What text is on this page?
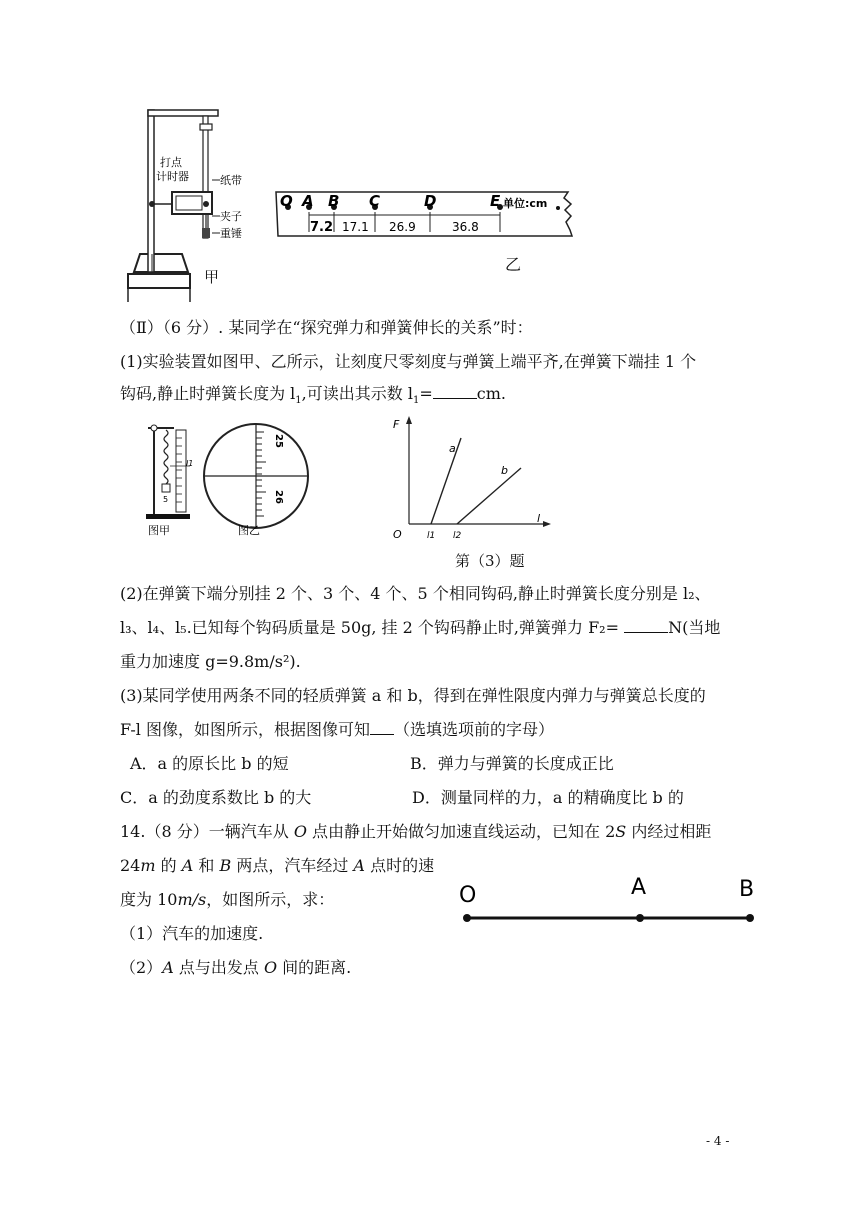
打点
计时器	纸带
夹子
重锤
甲
O A B C	D	E 单位:cm
7.2 17.1 26.9	36.8
乙
（Ⅱ）（6 分）. 某同学在“探究弹力和弹簧伸长的关系”时：
(1)实验装置如图甲、乙所示，让刻度尺零刻度与弹簧上端平齐,在弹簧下端挂 1 个
钩码,静止时弹簧长度为 $l_1$,可读出其示数 $l_1=$	cm.
5
l1
25
26
图甲	图乙
F
l
O
a
b
l1 l2
第（3）题
(2)在弹簧下端分别挂 2 个、3 个、4 个、5 个相同钩码,静止时弹簧长度分别是 l₂、
l₃、l₄、l₅.已知每个钩码质量是 50g, 挂 2 个钩码静止时,弹簧弹力 F₂=	N(当地
重力加速度 g=9.8m/s²).
(3)某同学使用两条不同的轻质弹簧 a 和 b，得到在弹性限度内弹力与弹簧总长度的
F-l 图像，如图所示，根据图像可知 （选填选项前的字母）
A．a 的原长比 b 的短	B．弹力与弹簧的长度成正比
C．a 的劲度系数比 b 的大	D．测量同样的力，a 的精确度比 b 的
14.（8 分）一辆汽车从 O 点由静止开始做匀加速直线运动，已知在 2S 内经过相距
24m 的 A 和 B 两点，汽车经过 A 点时的速
度为 10m/s，如图所示，求：
（1）汽车的加速度.
（2）A 点与出发点 O 间的距离.
O	A	B
- 4 -
